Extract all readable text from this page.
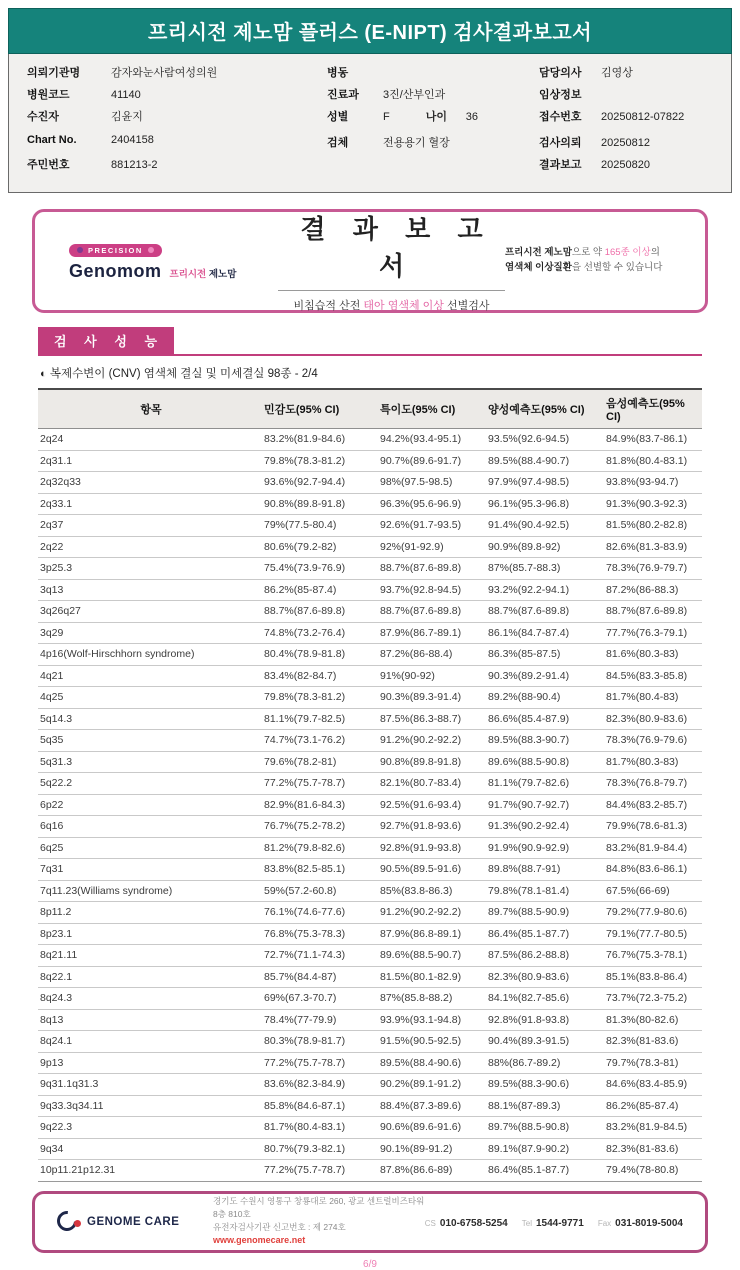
프리시전 제노맘 플러스 (E-NIPT) 검사결과보고서
의뢰기관명	감자와눈사람여성의원
병원코드	41140
수진자	김윤지
Chart No.	2404158
주민번호	881213-2
병동
진료과	3진/산부인과
성별	F	나이	36
검체	전용용기 혈장
담당의사	김영상
임상정보
접수번호	20250812-07822
검사의뢰	20250812
결과보고	20250820
PRECISION
Genomom 프리시전 제노맘
결 과 보 고 서
비침습적 산전 태아 염색체 이상 선별검사
프리시전 제노맘으로 약 165종 이상의
염색체 이상질환을 선별할 수 있습니다
검 사 성 능
◐ 복제수변이 (CNV) 염색체 결실 및 미세결실 98종 - 2/4
항목	민감도(95% CI)	특이도(95% CI)	양성예측도(95% CI)	음성예측도(95% CI)
2q24	83.2%(81.9-84.6)	94.2%(93.4-95.1)	93.5%(92.6-94.5)	84.9%(83.7-86.1)
2q31.1	79.8%(78.3-81.2)	90.7%(89.6-91.7)	89.5%(88.4-90.7)	81.8%(80.4-83.1)
2q32q33	93.6%(92.7-94.4)	98%(97.5-98.5)	97.9%(97.4-98.5)	93.8%(93-94.7)
2q33.1	90.8%(89.8-91.8)	96.3%(95.6-96.9)	96.1%(95.3-96.8)	91.3%(90.3-92.3)
2q37	79%(77.5-80.4)	92.6%(91.7-93.5)	91.4%(90.4-92.5)	81.5%(80.2-82.8)
2q22	80.6%(79.2-82)	92%(91-92.9)	90.9%(89.8-92)	82.6%(81.3-83.9)
3p25.3	75.4%(73.9-76.9)	88.7%(87.6-89.8)	87%(85.7-88.3)	78.3%(76.9-79.7)
3q13	86.2%(85-87.4)	93.7%(92.8-94.5)	93.2%(92.2-94.1)	87.2%(86-88.3)
3q26q27	88.7%(87.6-89.8)	88.7%(87.6-89.8)	88.7%(87.6-89.8)	88.7%(87.6-89.8)
3q29	74.8%(73.2-76.4)	87.9%(86.7-89.1)	86.1%(84.7-87.4)	77.7%(76.3-79.1)
4p16(Wolf-Hirschhorn syndrome)	80.4%(78.9-81.8)	87.2%(86-88.4)	86.3%(85-87.5)	81.6%(80.3-83)
4q21	83.4%(82-84.7)	91%(90-92)	90.3%(89.2-91.4)	84.5%(83.3-85.8)
4q25	79.8%(78.3-81.2)	90.3%(89.3-91.4)	89.2%(88-90.4)	81.7%(80.4-83)
5q14.3	81.1%(79.7-82.5)	87.5%(86.3-88.7)	86.6%(85.4-87.9)	82.3%(80.9-83.6)
5q35	74.7%(73.1-76.2)	91.2%(90.2-92.2)	89.5%(88.3-90.7)	78.3%(76.9-79.6)
5q31.3	79.6%(78.2-81)	90.8%(89.8-91.8)	89.6%(88.5-90.8)	81.7%(80.3-83)
5q22.2	77.2%(75.7-78.7)	82.1%(80.7-83.4)	81.1%(79.7-82.6)	78.3%(76.8-79.7)
6p22	82.9%(81.6-84.3)	92.5%(91.6-93.4)	91.7%(90.7-92.7)	84.4%(83.2-85.7)
6q16	76.7%(75.2-78.2)	92.7%(91.8-93.6)	91.3%(90.2-92.4)	79.9%(78.6-81.3)
6q25	81.2%(79.8-82.6)	92.8%(91.9-93.8)	91.9%(90.9-92.9)	83.2%(81.9-84.4)
7q31	83.8%(82.5-85.1)	90.5%(89.5-91.6)	89.8%(88.7-91)	84.8%(83.6-86.1)
7q11.23(Williams syndrome)	59%(57.2-60.8)	85%(83.8-86.3)	79.8%(78.1-81.4)	67.5%(66-69)
8p11.2	76.1%(74.6-77.6)	91.2%(90.2-92.2)	89.7%(88.5-90.9)	79.2%(77.9-80.6)
8p23.1	76.8%(75.3-78.3)	87.9%(86.8-89.1)	86.4%(85.1-87.7)	79.1%(77.7-80.5)
8q21.11	72.7%(71.1-74.3)	89.6%(88.5-90.7)	87.5%(86.2-88.8)	76.7%(75.3-78.1)
8q22.1	85.7%(84.4-87)	81.5%(80.1-82.9)	82.3%(80.9-83.6)	85.1%(83.8-86.4)
8q24.3	69%(67.3-70.7)	87%(85.8-88.2)	84.1%(82.7-85.6)	73.7%(72.3-75.2)
8q13	78.4%(77-79.9)	93.9%(93.1-94.8)	92.8%(91.8-93.8)	81.3%(80-82.6)
8q24.1	80.3%(78.9-81.7)	91.5%(90.5-92.5)	90.4%(89.3-91.5)	82.3%(81-83.6)
9p13	77.2%(75.7-78.7)	89.5%(88.4-90.6)	88%(86.7-89.2)	79.7%(78.3-81)
9q31.1q31.3	83.6%(82.3-84.9)	90.2%(89.1-91.2)	89.5%(88.3-90.6)	84.6%(83.4-85.9)
9q33.3q34.11	85.8%(84.6-87.1)	88.4%(87.3-89.6)	88.1%(87-89.3)	86.2%(85-87.4)
9q22.3	81.7%(80.4-83.1)	90.6%(89.6-91.6)	89.7%(88.5-90.8)	83.2%(81.9-84.5)
9q34	80.7%(79.3-82.1)	90.1%(89-91.2)	89.1%(87.9-90.2)	82.3%(81-83.6)
10p11.21p12.31	77.2%(75.7-78.7)	87.8%(86.6-89)	86.4%(85.1-87.7)	79.4%(78-80.8)
GENOME CARE
경기도 수원시 영통구 창룡대로 260, 광교 센트럴비즈타워 8층 810호
유전자검사기관 신고번호 : 제 274호
www.genomecare.net
CS 010-6758-5254 Tel 1544-9771 Fax 031-8019-5004
6/9
